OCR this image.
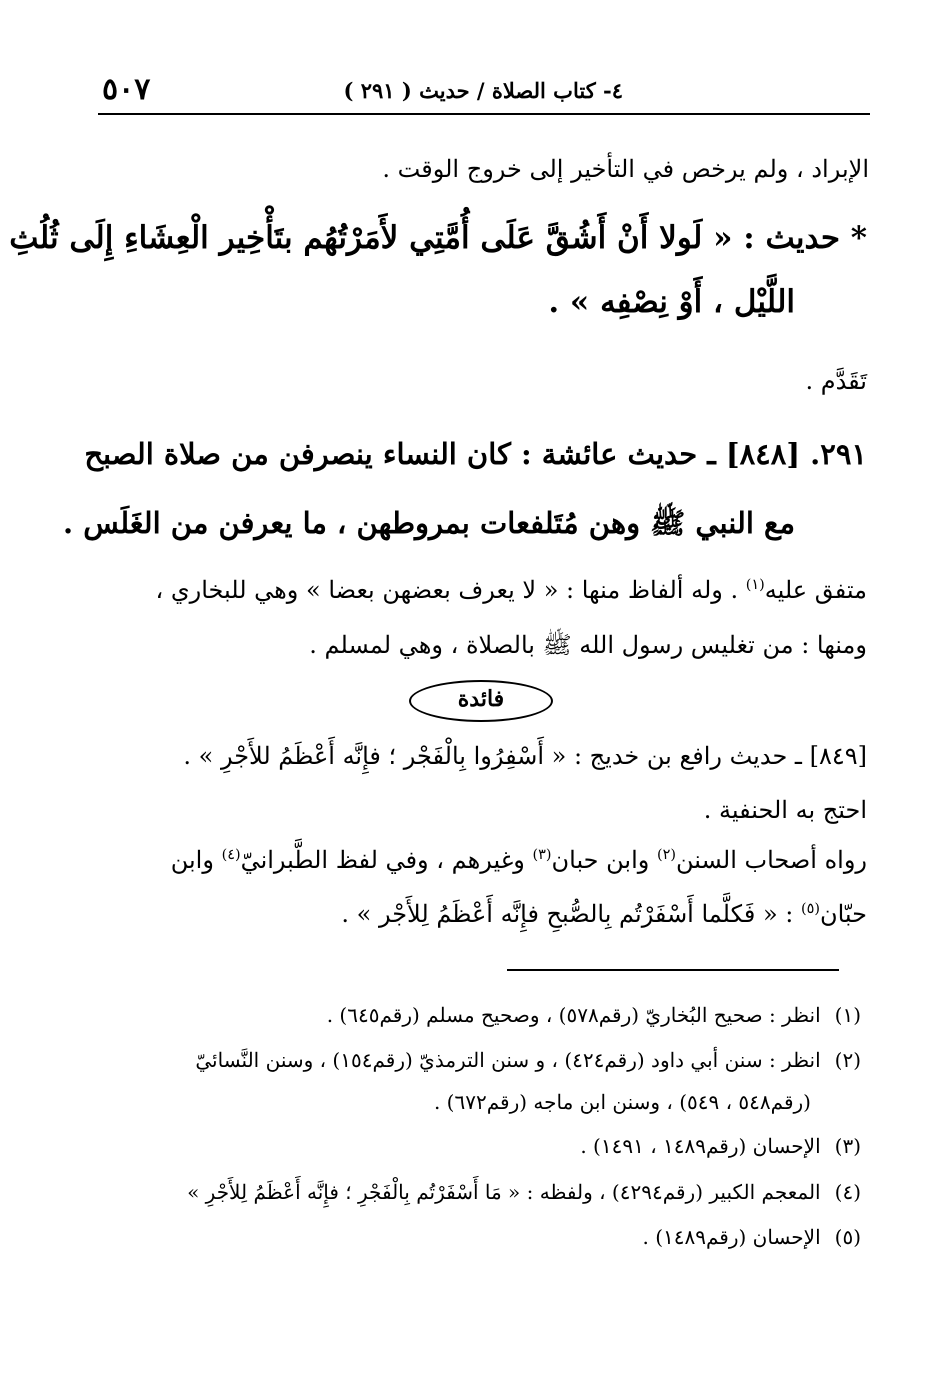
٤- كتاب الصلاة / حديث ( ٢٩١ )
٥٠٧
الإبراد ، ولم يرخص في التأخير إلى خروج الوقت .
* حديث : « لَولا أَنْ أَشُقَّ عَلَى أُمَّتِي لأَمَرْتُهُم بتَأْخِير الْعِشَاءِ إِلَى ثُلُثِ
اللَّيْل ، أَوْ نِصْفِه » .
تَقَدَّم .
٢٩١. [٨٤٨] ـ حديث عائشة : كان النساء ينصرفن من صلاة الصبح
مع النبي ﷺ وهن مُتَلفعات بمروطهن ، ما يعرفن من الغَلَس .
متفق عليه$^{(١)}$ . وله ألفاظ منها : « لا يعرف بعضهن بعضا » وهي للبخاري ،
ومنها : من تغليس رسول الله ﷺ بالصلاة ، وهي لمسلم .
فائدة
[٨٤٩] ـ حديث رافع بن خديج : « أَسْفِرُوا بِالْفَجْر ؛ فإِنَّه أَعْظَمُ للأَجْرِ » .
احتج به الحنفية .
رواه أصحاب السنن$^{(٢)}$ وابن حبان$^{(٣)}$ وغيرهم ، وفي لفظ الطَّبرانيّ$^{(٤)}$ وابن
حبّان$^{(٥)}$ : « فَكلَّما أَسْفَرْتُم بِالصُّبحِ فإِنَّه أَعْظَمُ لِلأَجْر » .
(١)انظر : صحيح البُخاريّ (رقم٥٧٨) ، وصحيح مسلم (رقم٦٤٥) .
(٢)انظر : سنن أبي داود (رقم٤٢٤) ، و سنن الترمذيّ (رقم١٥٤) ، وسنن النَّسائيّ
(رقم٥٤٨ ، ٥٤٩) ، وسنن ابن ماجه (رقم٦٧٢) .
(٣)الإحسان (رقم١٤٨٩ ، ١٤٩١) .
(٤)المعجم الكبير (رقم٤٢٩٤) ، ولفظه : « مَا أَسْفَرْتُم بِالْفَجْرِ ؛ فإِنَّه أَعْظَمُ لِلأَجْرِ »
(٥)الإحسان (رقم١٤٨٩) .
